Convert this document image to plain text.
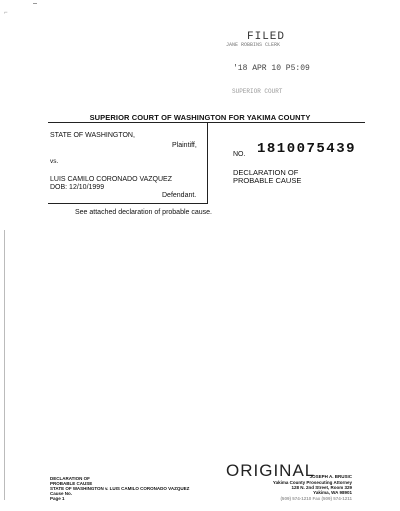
⌐
FILED
JANE ROBBINS CLERK
'18 APR 10 P5:09
SUPERIOR COURT
SUPERIOR COURT OF WASHINGTON FOR YAKIMA COUNTY
STATE OF WASHINGTON,
Plaintiff,
vs.
LUIS CAMILO CORONADO VAZQUEZ
DOB: 12/10/1999
Defendant.
NO. 1810075439
DECLARATION OF
PROBABLE CAUSE
See attached declaration of probable cause.
DECLARATION OF
PROBABLE CAUSE
STATE OF WASHINGTON v. LUIS CAMILO CORONADO VAZQUEZ
Cause No.
Page 1
ORIGINAL
JOSEPH A. BRUSIC
Yakima County Prosecuting Attorney
128 N. 2nd Street, Room 329
Yakima, WA 98901
(509) 574-1210 Fax (509) 574-1211
